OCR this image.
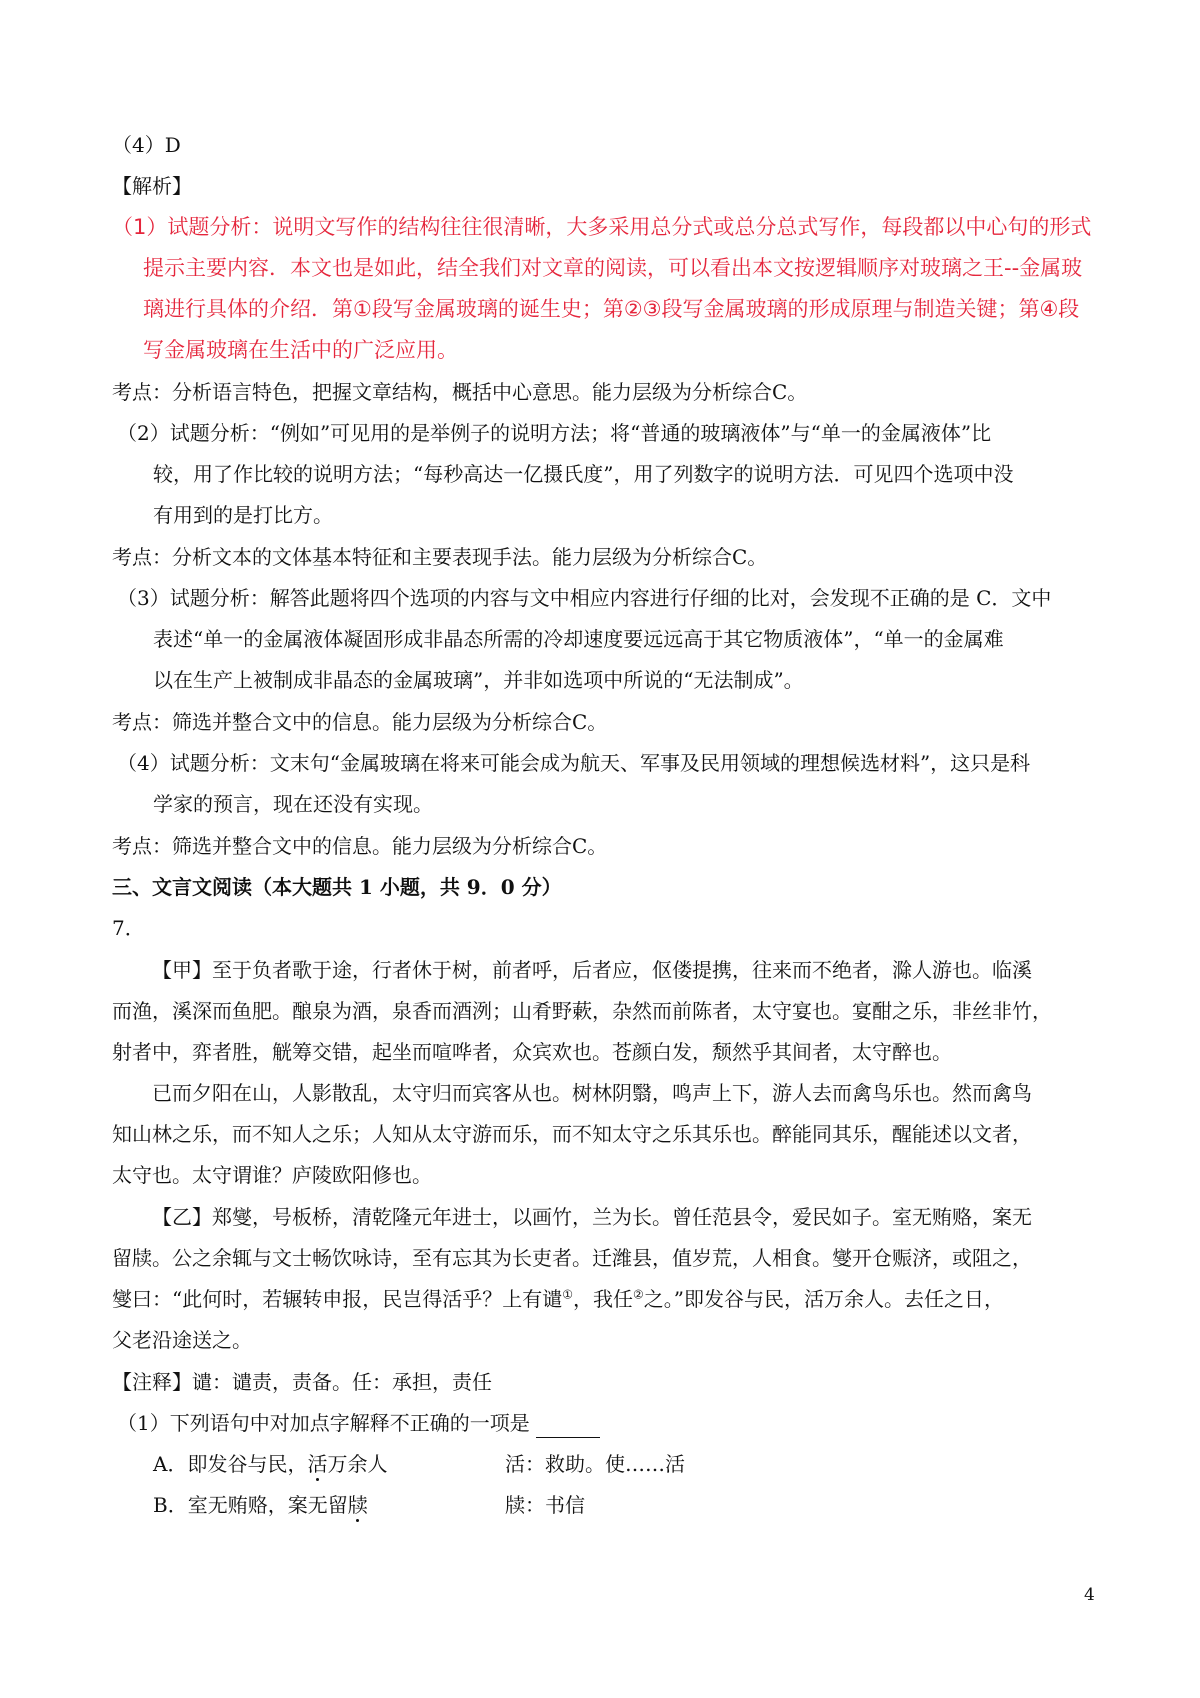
（4）D
【解析】
（1）试题分析：说明文写作的结构往往很清晰，大多采用总分式或总分总式写作，每段都以中心句的形式
提示主要内容．本文也是如此，结全我们对文章的阅读，可以看出本文按逻辑顺序对玻璃之王--金属玻
璃进行具体的介绍．第①段写金属玻璃的诞生史；第②③段写金属玻璃的形成原理与制造关键；第④段
写金属玻璃在生活中的广泛应用。
考点：分析语言特色，把握文章结构，概括中心意思。能力层级为分析综合C。
（2）试题分析：“例如”可见用的是举例子的说明方法；将“普通的玻璃液体”与“单一的金属液体”比
较，用了作比较的说明方法；“每秒高达一亿摄氏度”，用了列数字的说明方法．可见四个选项中没
有用到的是打比方。
考点：分析文本的文体基本特征和主要表现手法。能力层级为分析综合C。
（3）试题分析：解答此题将四个选项的内容与文中相应内容进行仔细的比对，会发现不正确的是 C．文中
表述“单一的金属液体凝固形成非晶态所需的冷却速度要远远高于其它物质液体”，“单一的金属难
以在生产上被制成非晶态的金属玻璃”，并非如选项中所说的“无法制成”。
考点：筛选并整合文中的信息。能力层级为分析综合C。
（4）试题分析：文末句“金属玻璃在将来可能会成为航天、军事及民用领域的理想候选材料”，这只是科
学家的预言，现在还没有实现。
考点：筛选并整合文中的信息。能力层级为分析综合C。
三、文言文阅读（本大题共 1 小题，共 9．0 分）
7．
【甲】至于负者歌于途，行者休于树，前者呼，后者应，伛偻提携，往来而不绝者，滁人游也。临溪
而渔，溪深而鱼肥。酿泉为酒，泉香而酒洌；山肴野蔌，杂然而前陈者，太守宴也。宴酣之乐，非丝非竹，
射者中，弈者胜，觥筹交错，起坐而喧哗者，众宾欢也。苍颜白发，颓然乎其间者，太守醉也。
已而夕阳在山，人影散乱，太守归而宾客从也。树林阴翳，鸣声上下，游人去而禽鸟乐也。然而禽鸟
知山林之乐，而不知人之乐；人知从太守游而乐，而不知太守之乐其乐也。醉能同其乐，醒能述以文者，
太守也。太守谓谁？庐陵欧阳修也。
【乙】郑燮，号板桥，清乾隆元年进士，以画竹，兰为长。曾任范县令，爱民如子。室无贿赂，案无
留牍。公之余辄与文士畅饮咏诗，至有忘其为长吏者。迁潍县，值岁荒，人相食。燮开仓赈济，或阻之，
燮曰：“此何时，若辗转申报，民岂得活乎？上有谴①，我任②之。”即发谷与民，活万余人。去任之日，
父老沿途送之。
【注释】谴：谴责，责备。任：承担，责任
（1）下列语句中对加点字解释不正确的一项是
A．即发谷与民，活万余人	活：救助。使……活
B．室无贿赂，案无留牍	牍：书信
4
